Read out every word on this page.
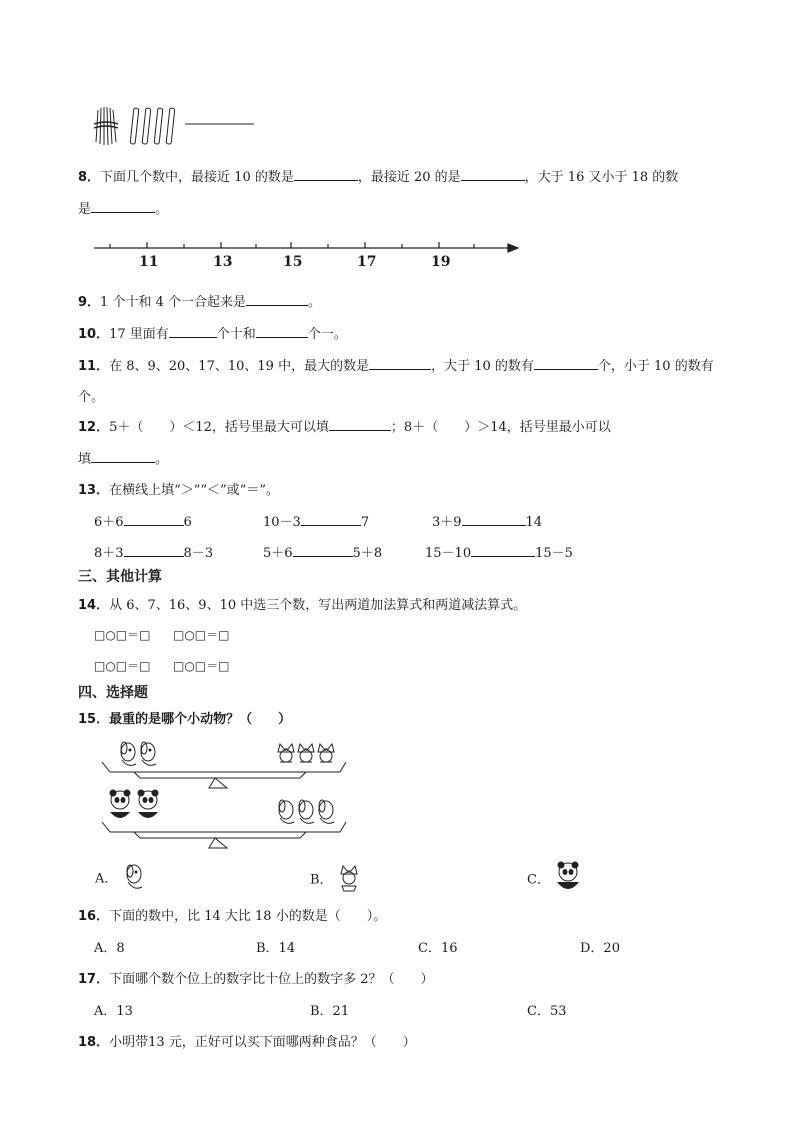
8．下面几个数中，最接近 10 的数是	，最接近 20 的是	，大于 16 又小于 18 的数
是	。
11	13	15	17	19
9．1 个十和 4 个一合起来是	。
10．17 里面有	个十和	个一。
11．在 8、9、20、17、10、19 中，最大的数是	，大于 10 的数有	个，小于 10 的数有
个。
12．5＋（　　）＜12，括号里最大可以填	；8＋（　　）＞14，括号里最小可以
填	。
13．在横线上填“＞”“＜”或“＝”。
6＋6	6	10－3	7	3＋9	14
8＋3	8－3	5＋6	5＋8	15－10	15－5
三、其他计算
14．从 6、7、16、9、10 中选三个数，写出两道加法算式和两道减法算式。
□○□＝□ □○□＝□
□○□＝□ □○□＝□
四、选择题
15．最重的是哪个小动物？（　　）
A．	B．	C．
16．下面的数中，比 14 大比 18 小的数是（　　）。
A．8	B．14	C．16	D．20
17．下面哪个数个位上的数字比十位上的数字多 2？（　　）
A．13	B．21	C．53
18．小明带13 元，正好可以买下面哪两种食品？（　　）
